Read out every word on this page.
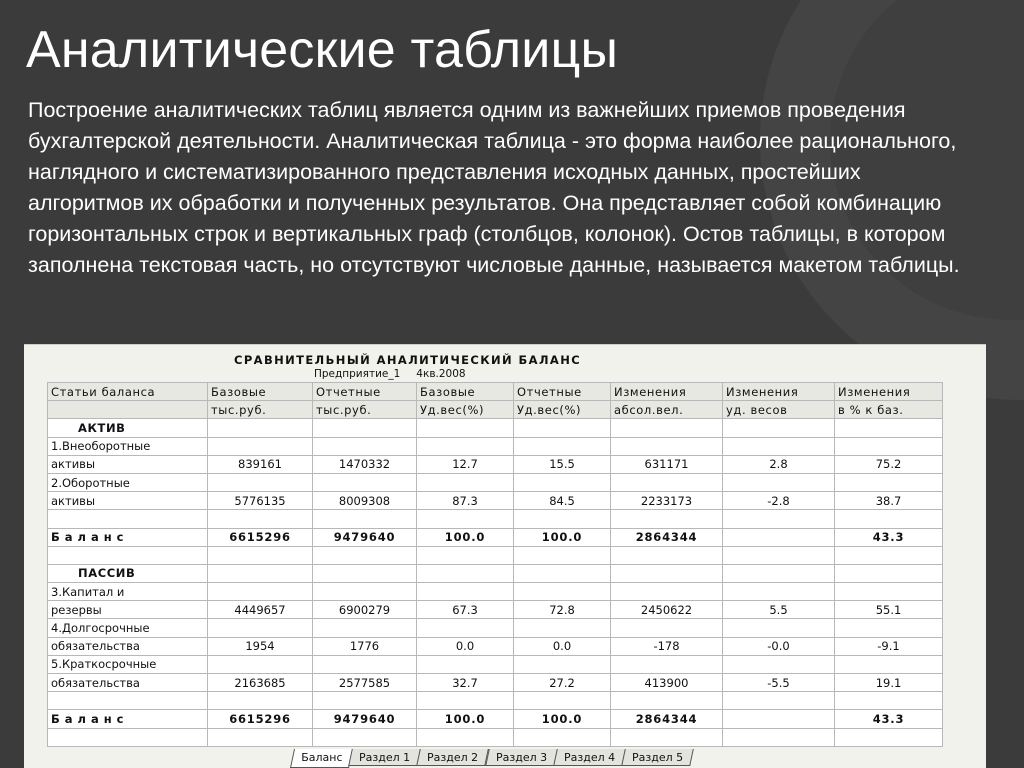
Аналитические таблицы

Построение аналитических таблиц является одним из важнейших приемов проведения бухгалтерской деятельности. Аналитическая таблица - это форма наиболее рационального, наглядного и систематизированного представления исходных данных, простейших алгоритмов их обработки и полученных результатов. Она представляет собой комбинацию горизонтальных строк и вертикальных граф (столбцов, колонок). Остов таблицы, в котором заполнена текстовая часть, но отсутствуют числовые данные, называется макетом таблицы.

СРАВНИТЕЛЬНЫЙ АНАЛИТИЧЕСКИЙ БАЛАНС
Предприятие_1 4кв.2008
Статьи баланса	Базовые	Отчетные	Базовые	Отчетные	Изменения	Изменения	Изменения
	тыс.руб.	тыс.руб.	Уд.вес(%)	Уд.вес(%)	абсол.вел.	уд. весов	в % к баз.
АКТИВ							
1.Внеоборотные							
активы	839161	1470332	12.7	15.5	631171	2.8	75.2
2.Оборотные							
активы	5776135	8009308	87.3	84.5	2233173	-2.8	38.7

Баланс	6615296	9479640	100.0	100.0	2864344		43.3

ПАССИВ							
3.Капитал и							
резервы	4449657	6900279	67.3	72.8	2450622	5.5	55.1
4.Долгосрочные							
обязательства	1954	1776	0.0	0.0	-178	-0.0	-9.1
5.Краткосрочные							
обязательства	2163685	2577585	32.7	27.2	413900	-5.5	19.1

Баланс	6615296	9479640	100.0	100.0	2864344		43.3

Баланс	Раздел 1	Раздел 2	Раздел 3	Раздел 4	Раздел 5
